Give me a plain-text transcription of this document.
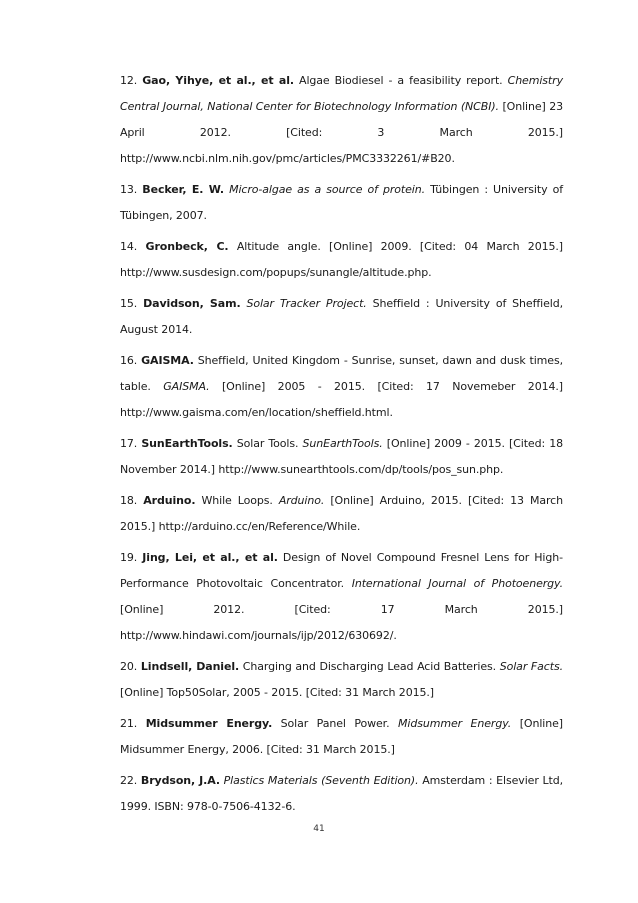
12. Gao, Yihye, et al., et al. Algae Biodiesel - a feasibility report. Chemistry Central Journal, National Center for Biotechnology Information (NCBI). [Online] 23 April 2012. [Cited: 3 March 2015.] http://www.ncbi.nlm.nih.gov/pmc/articles/PMC3332261/#B20.

13. Becker, E. W. Micro-algae as a source of protein. Tübingen : University of Tübingen, 2007.

14. Gronbeck, C. Altitude angle. [Online] 2009. [Cited: 04 March 2015.] http://www.susdesign.com/popups/sunangle/altitude.php.

15. Davidson, Sam. Solar Tracker Project. Sheffield : University of Sheffield, August 2014.

16. GAISMA. Sheffield, United Kingdom - Sunrise, sunset, dawn and dusk times, table. GAISMA. [Online] 2005 - 2015. [Cited: 17 Novemeber 2014.] http://www.gaisma.com/en/location/sheffield.html.

17. SunEarthTools. Solar Tools. SunEarthTools. [Online] 2009 - 2015. [Cited: 18 November 2014.] http://www.sunearthtools.com/dp/tools/pos_sun.php.

18. Arduino. While Loops. Arduino. [Online] Arduino, 2015. [Cited: 13 March 2015.] http://arduino.cc/en/Reference/While.

19. Jing, Lei, et al., et al. Design of Novel Compound Fresnel Lens for High-Performance Photovoltaic Concentrator. International Journal of Photoenergy. [Online] 2012. [Cited: 17 March 2015.] http://www.hindawi.com/journals/ijp/2012/630692/.

20. Lindsell, Daniel. Charging and Discharging Lead Acid Batteries. Solar Facts. [Online] Top50Solar, 2005 - 2015. [Cited: 31 March 2015.]

21. Midsummer Energy. Solar Panel Power. Midsummer Energy. [Online] Midsummer Energy, 2006. [Cited: 31 March 2015.]

22. Brydson, J.A. Plastics Materials (Seventh Edition). Amsterdam : Elsevier Ltd, 1999. ISBN: 978-0-7506-4132-6.

41
